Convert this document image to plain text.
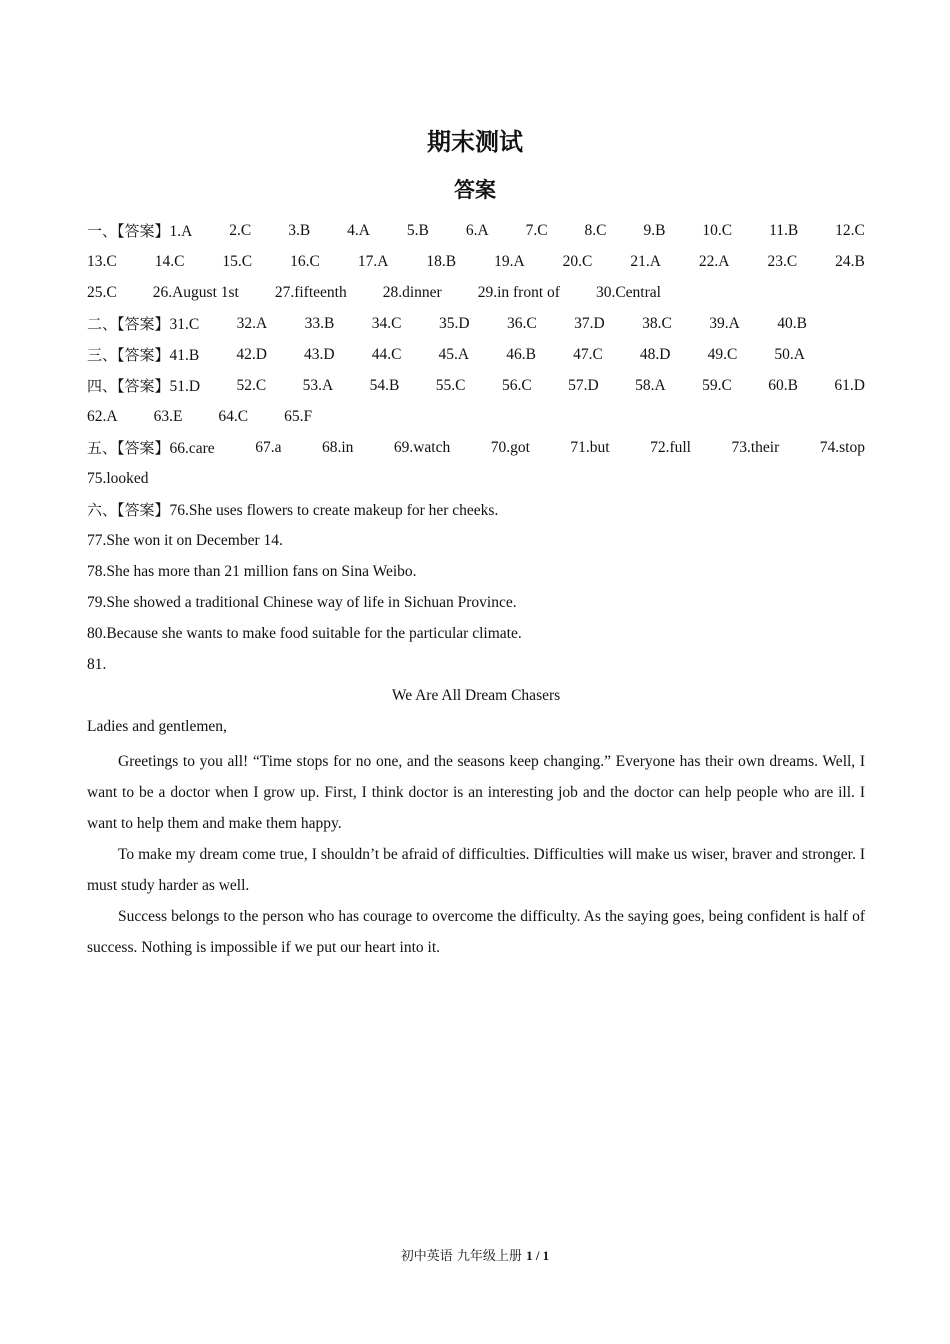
期末测试
答案
一、【答案】1.A 2.C 3.B 4.A 5.B 6.A 7.C 8.C 9.B 10.C 11.B 12.C
13.C 14.C 15.C 16.C 17.A 18.B 19.A 20.C 21.A 22.A 23.C 24.B
25.C 26.August 1st 27.fifteenth 28.dinner 29.in front of 30.Central
二、【答案】31.C 32.A 33.B 34.C 35.D 36.C 37.D 38.C 39.A 40.B
三、【答案】41.B 42.D 43.D 44.C 45.A 46.B 47.C 48.D 49.C 50.A
四、【答案】51.D 52.C 53.A 54.B 55.C 56.C 57.D 58.A 59.C 60.B 61.D
62.A 63.E 64.C 65.F
五、【答案】66.care	67.a	68.in	69.watch	70.got	71.but	72.full	73.their	74.stop
75.looked
六、【答案】76.She uses flowers to create makeup for her cheeks.
77.She won it on December 14.
78.She has more than 21 million fans on Sina Weibo.
79.She showed a traditional Chinese way of life in Sichuan Province.
80.Because she wants to make food suitable for the particular climate.
81.
We Are All Dream Chasers
Ladies and gentlemen,

Greetings to you all! “Time stops for no one, and the seasons keep changing.” Everyone has their own dreams. Well, I want to be a doctor when I grow up. First, I think doctor is an interesting job and the doctor can help people who are ill. I want to help them and make them happy.

To make my dream come true, I shouldn’t be afraid of difficulties. Difficulties will make us wiser, braver and stronger. I must study harder as well.

Success belongs to the person who has courage to overcome the difficulty. As the saying goes, being confident is half of success. Nothing is impossible if we put our heart into it.

初中英语 九年级上册 1 / 1
